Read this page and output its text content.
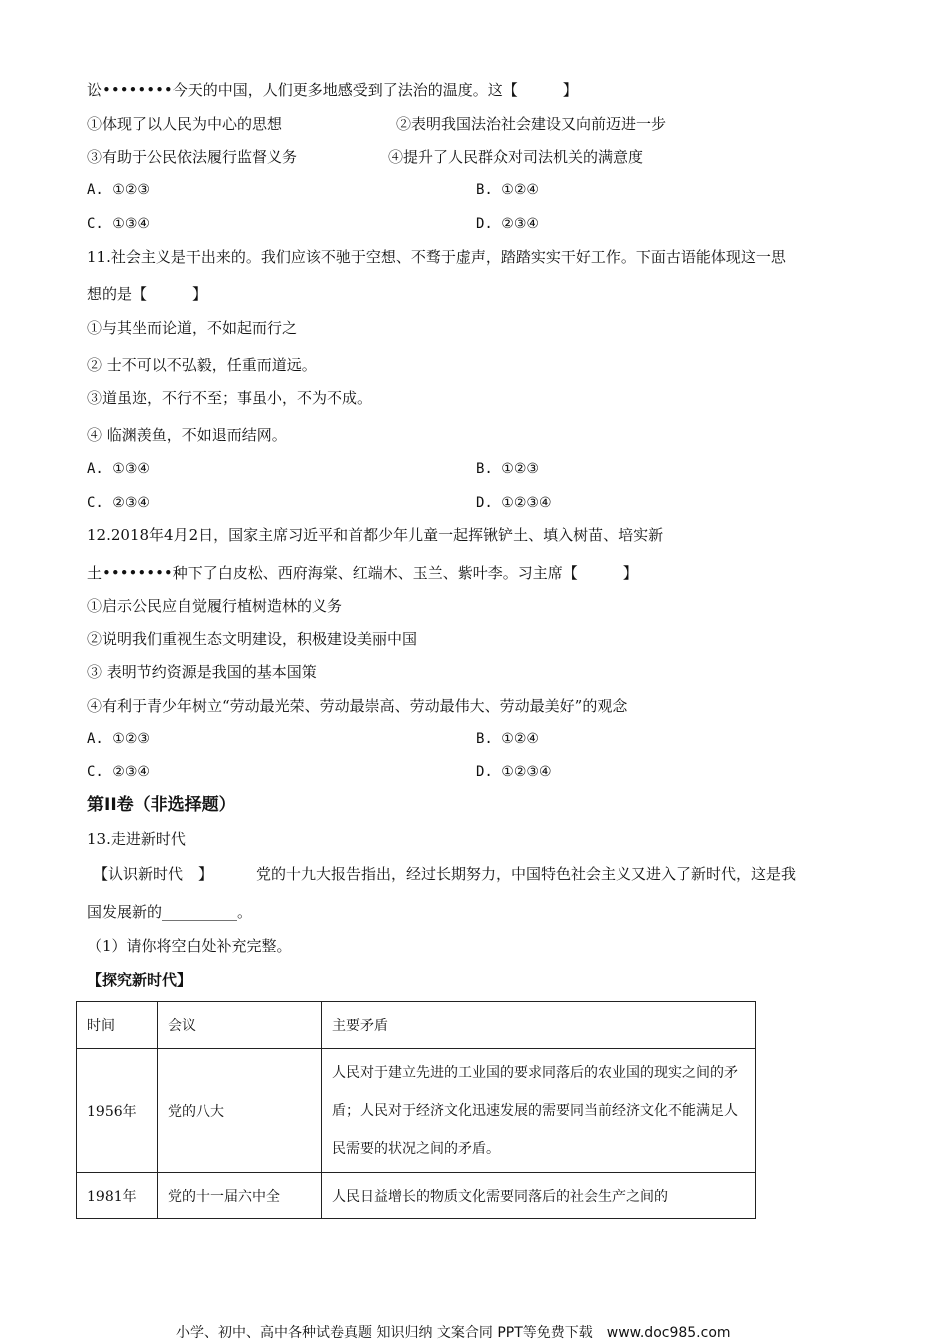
讼••••••••今天的中国，人们更多地感受到了法治的温度。这【　　　】
①体现了以人民为中心的思想	②表明我国法治社会建设又向前迈进一步
③有助于公民依法履行监督义务	④提升了人民群众对司法机关的满意度
A. ①②③	B. ①②④
C. ①③④	D. ②③④
11.社会主义是干出来的。我们应该不驰于空想、不骛于虚声，踏踏实实干好工作。下面古语能体现这一思
想的是【　　　】
①与其坐而论道，不如起而行之
② 士不可以不弘毅，任重而道远。
③道虽迩，不行不至；事虽小，不为不成。
④ 临渊羡鱼，不如退而结网。
A. ①③④	B. ①②③
C. ②③④	D. ①②③④
12.2018年4月2日，国家主席习近平和首都少年儿童一起挥锹铲土、填入树苗、培实新
土••••••••种下了白皮松、西府海棠、红端木、玉兰、紫叶李。习主席【　　　】
①启示公民应自觉履行植树造林的义务
②说明我们重视生态文明建设，积极建设美丽中国
③ 表明节约资源是我国的基本国策
④有利于青少年树立“劳动最光荣、劳动最崇高、劳动最伟大、劳动最美好”的观念
A. ①②③	B. ①②④
C. ②③④	D. ①②③④
第II卷（非选择题）
13.走进新时代
【认识新时代　】	党的十九大报告指出，经过长期努力，中国特色社会主义又进入了新时代，这是我
国发展新的__________。
（1）请你将空白处补充完整。
【探究新时代】
时间	会议	主要矛盾
1956年	党的八大	人民对于建立先进的工业国的要求同落后的农业国的现实之间的矛盾；人民对于经济文化迅速发展的需要同当前经济文化不能满足人民需要的状况之间的矛盾。
1981年	党的十一届六中全	人民日益增长的物质文化需要同落后的社会生产之间的
小学、初中、高中各种试卷真题 知识归纳 文案合同 PPT等免费下载　www.doc985.com
